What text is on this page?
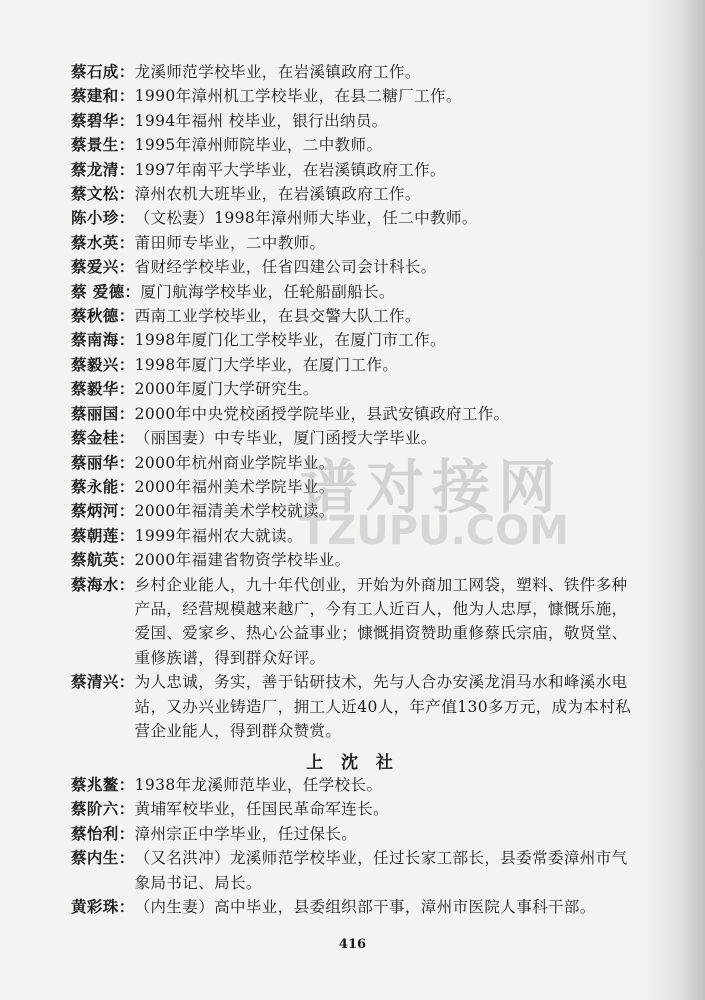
蔡石成： 龙溪师范学校毕业，在岩溪镇政府工作。
蔡建和： 1990年漳州机工学校毕业，在县二糖厂工作。
蔡碧华： 1994年福州 校毕业，银行出纳员。
蔡景生： 1995年漳州师院毕业，二中教师。
蔡龙清： 1997年南平大学毕业，在岩溪镇政府工作。
蔡文松： 漳州农机大班毕业，在岩溪镇政府工作。
陈小珍： （文松妻）1998年漳州师大毕业，任二中教师。
蔡水英： 莆田师专毕业，二中教师。
蔡爱兴： 省财经学校毕业，任省四建公司会计科长。
蔡 爱德： 厦门航海学校毕业，任轮船副船长。
蔡秋德： 西南工业学校毕业，在县交警大队工作。
蔡南海： 1998年厦门化工学校毕业，在厦门市工作。
蔡毅兴： 1998年厦门大学毕业，在厦门工作。
蔡毅华： 2000年厦门大学研究生。
蔡丽国： 2000年中央党校函授学院毕业，县武安镇政府工作。
蔡金桂： （丽国妻）中专毕业，厦门函授大学毕业。
蔡丽华： 2000年杭州商业学院毕业。
蔡永能： 2000年福州美术学院毕业。
蔡炳河： 2000年福清美术学校就读。
蔡朝莲： 1999年福州农大就读。
蔡航英： 2000年福建省物资学校毕业。
蔡海水： 乡村企业能人，九十年代创业，开始为外商加工网袋，塑料、铁件多种
产品，经营规模越来越广，今有工人近百人，他为人忠厚，慷慨乐施，
爱国、爱家乡、热心公益事业；慷慨捐资赞助重修蔡氏宗庙，敬贤堂、
重修族谱，得到群众好评。
蔡清兴： 为人忠诚，务实，善于钻研技术，先与人合办安溪龙涓马水和峰溪水电
站，又办兴业铸造厂，拥工人近40人，年产值130多万元，成为本村私
营企业能人，得到群众赞赏。
上 沈 社
蔡兆鳌： 1938年龙溪师范毕业，任学校长。
蔡阶六： 黄埔军校毕业，任国民革命军连长。
蔡怡利： 漳州宗正中学毕业，任过保长。
蔡内生： （又名洪冲）龙溪师范学校毕业，任过长家工部长，县委常委漳州市气
象局书记、局长。
黄彩珠： （内生妻）高中毕业，县委组织部干事，漳州市医院人事科干部。
416
谱对接网
TZUPU.COM
